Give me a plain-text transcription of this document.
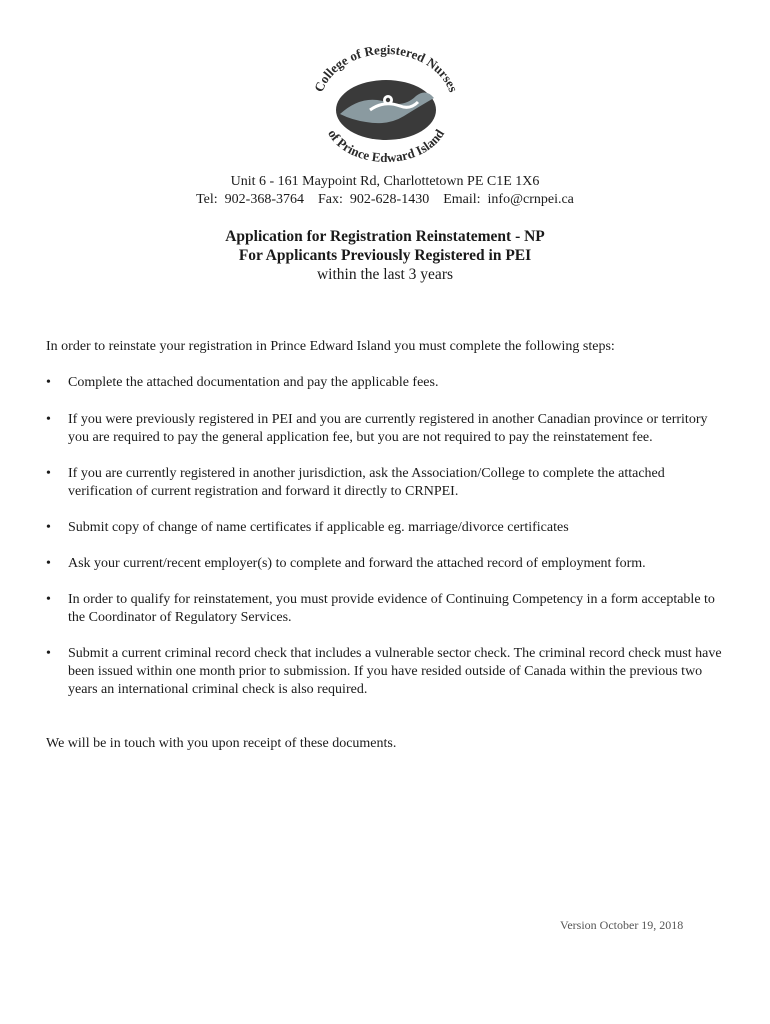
College of Registered Nurses
of Prince Edward Island
Unit 6 - 161 Maypoint Rd, Charlottetown PE C1E 1X6
Tel:  902-368-3764    Fax:  902-628-1430    Email:  info@crnpei.ca
Application for Registration Reinstatement - NP
For Applicants Previously Registered in PEI
within the last 3 years
In order to reinstate your registration in Prince Edward Island you must complete the following steps:
• Complete the attached documentation and pay the applicable fees.
• If you were previously registered in PEI and you are currently registered in another Canadian province or territory you are required to pay the general application fee, but you are not required to pay the reinstatement fee.
• If you are currently registered in another jurisdiction, ask the Association/College to complete the attached verification of current registration and forward it directly to CRNPEI.
• Submit copy of change of name certificates if applicable eg. marriage/divorce certificates
• Ask your current/recent employer(s) to complete and forward the attached record of employment form.
• In order to qualify for reinstatement, you must provide evidence of Continuing Competency in a form acceptable to the Coordinator of Regulatory Services.
• Submit a current criminal record check that includes a vulnerable sector check. The criminal record check must have been issued within one month prior to submission. If you have resided outside of Canada within the previous two years an international criminal check is also required.
We will be in touch with you upon receipt of these documents.
Version October 19, 2018
